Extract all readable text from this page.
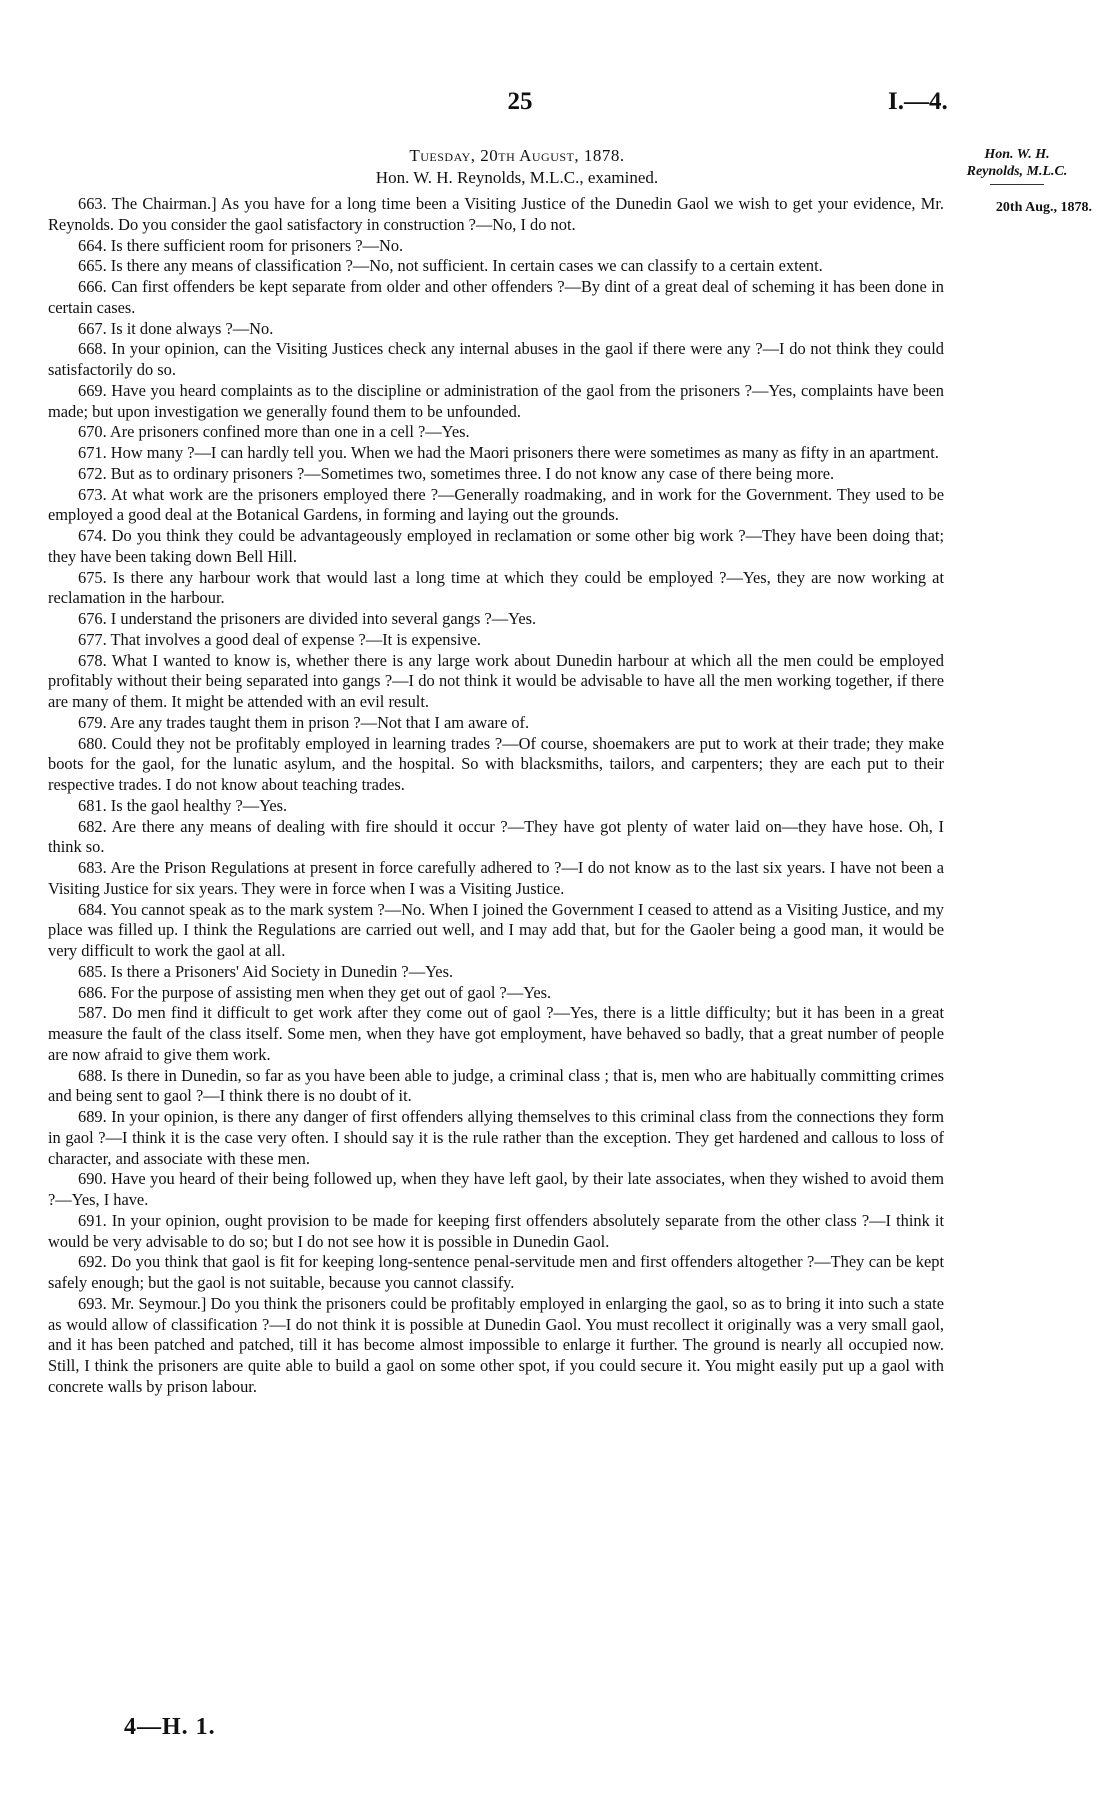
25	I.—4.
Tuesday, 20th August, 1878.
Hon. W. H. Reynolds, M.L.C., examined.
Hon. W. H.
Reynolds, M.L.C.
20th Aug., 1878.

663. The Chairman.] As you have for a long time been a Visiting Justice of the Dunedin Gaol we wish to get your evidence, Mr. Reynolds. Do you consider the gaol satisfactory in construction ?—No, I do not.

664. Is there sufficient room for prisoners ?—No.

665. Is there any means of classification ?—No, not sufficient. In certain cases we can classify to a certain extent.

666. Can first offenders be kept separate from older and other offenders ?—By dint of a great deal of scheming it has been done in certain cases.

667. Is it done always ?—No.

668. In your opinion, can the Visiting Justices check any internal abuses in the gaol if there were any ?—I do not think they could satisfactorily do so.

669. Have you heard complaints as to the discipline or administration of the gaol from the prisoners ?—Yes, complaints have been made; but upon investigation we generally found them to be unfounded.

670. Are prisoners confined more than one in a cell ?—Yes.

671. How many ?—I can hardly tell you. When we had the Maori prisoners there were sometimes as many as fifty in an apartment.

672. But as to ordinary prisoners ?—Sometimes two, sometimes three. I do not know any case of there being more.

673. At what work are the prisoners employed there ?—Generally roadmaking, and in work for the Government. They used to be employed a good deal at the Botanical Gardens, in forming and laying out the grounds.

674. Do you think they could be advantageously employed in reclamation or some other big work ?—They have been doing that; they have been taking down Bell Hill.

675. Is there any harbour work that would last a long time at which they could be employed ?—Yes, they are now working at reclamation in the harbour.

676. I understand the prisoners are divided into several gangs ?—Yes.

677. That involves a good deal of expense ?—It is expensive.

678. What I wanted to know is, whether there is any large work about Dunedin harbour at which all the men could be employed profitably without their being separated into gangs ?—I do not think it would be advisable to have all the men working together, if there are many of them. It might be attended with an evil result.

679. Are any trades taught them in prison ?—Not that I am aware of.

680. Could they not be profitably employed in learning trades ?—Of course, shoemakers are put to work at their trade; they make boots for the gaol, for the lunatic asylum, and the hospital. So with blacksmiths, tailors, and carpenters; they are each put to their respective trades. I do not know about teaching trades.

681. Is the gaol healthy ?—Yes.

682. Are there any means of dealing with fire should it occur ?—They have got plenty of water laid on—they have hose. Oh, I think so.

683. Are the Prison Regulations at present in force carefully adhered to ?—I do not know as to the last six years. I have not been a Visiting Justice for six years. They were in force when I was a Visiting Justice.

684. You cannot speak as to the mark system ?—No. When I joined the Government I ceased to attend as a Visiting Justice, and my place was filled up. I think the Regulations are carried out well, and I may add that, but for the Gaoler being a good man, it would be very difficult to work the gaol at all.

685. Is there a Prisoners' Aid Society in Dunedin ?—Yes.

686. For the purpose of assisting men when they get out of gaol ?—Yes.

587. Do men find it difficult to get work after they come out of gaol ?—Yes, there is a little difficulty; but it has been in a great measure the fault of the class itself. Some men, when they have got employment, have behaved so badly, that a great number of people are now afraid to give them work.

688. Is there in Dunedin, so far as you have been able to judge, a criminal class ; that is, men who are habitually committing crimes and being sent to gaol ?—I think there is no doubt of it.

689. In your opinion, is there any danger of first offenders allying themselves to this criminal class from the connections they form in gaol ?—I think it is the case very often. I should say it is the rule rather than the exception. They get hardened and callous to loss of character, and associate with these men.

690. Have you heard of their being followed up, when they have left gaol, by their late associates, when they wished to avoid them ?—Yes, I have.

691. In your opinion, ought provision to be made for keeping first offenders absolutely separate from the other class ?—I think it would be very advisable to do so; but I do not see how it is possible in Dunedin Gaol.

692. Do you think that gaol is fit for keeping long-sentence penal-servitude men and first offenders altogether ?—They can be kept safely enough; but the gaol is not suitable, because you cannot classify.

693. Mr. Seymour.] Do you think the prisoners could be profitably employed in enlarging the gaol, so as to bring it into such a state as would allow of classification ?—I do not think it is possible at Dunedin Gaol. You must recollect it originally was a very small gaol, and it has been patched and patched, till it has become almost impossible to enlarge it further. The ground is nearly all occupied now. Still, I think the prisoners are quite able to build a gaol on some other spot, if you could secure it. You might easily put up a gaol with concrete walls by prison labour.

4—H. 1.
